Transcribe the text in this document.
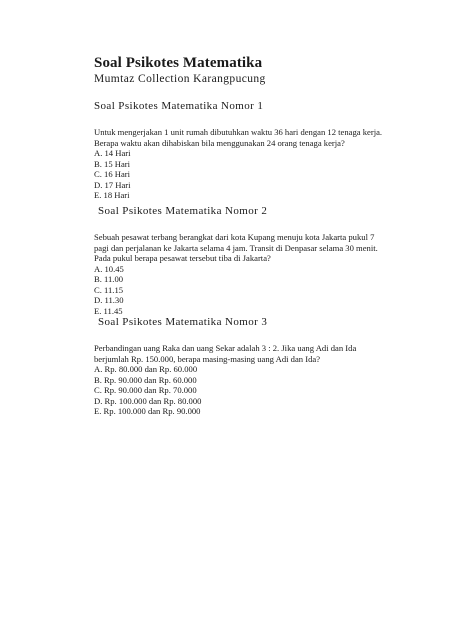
Soal Psikotes Matematika
Mumtaz Collection Karangpucung
Soal Psikotes Matematika Nomor 1
Untuk mengerjakan 1 unit rumah dibutuhkan waktu 36 hari dengan 12 tenaga kerja.
Berapa waktu akan dihabiskan bila menggunakan 24 orang tenaga kerja?
A. 14 Hari
B. 15 Hari
C. 16 Hari
D. 17 Hari
E. 18 Hari
Soal Psikotes Matematika Nomor 2
Sebuah pesawat terbang berangkat dari kota Kupang menuju kota Jakarta pukul 7
pagi dan perjalanan ke Jakarta selama 4 jam. Transit di Denpasar selama 30 menit.
Pada pukul berapa pesawat tersebut tiba di Jakarta?
A. 10.45
B. 11.00
C. 11.15
D. 11.30
E. 11.45
Soal Psikotes Matematika Nomor 3
Perbandingan uang Raka dan uang Sekar adalah 3 : 2. Jika uang Adi dan Ida
berjumlah Rp. 150.000, berapa masing-masing uang Adi dan Ida?
A. Rp. 80.000 dan Rp. 60.000
B. Rp. 90.000 dan Rp. 60.000
C. Rp. 90.000 dan Rp. 70.000
D. Rp. 100.000 dan Rp. 80.000
E. Rp. 100.000 dan Rp. 90.000
